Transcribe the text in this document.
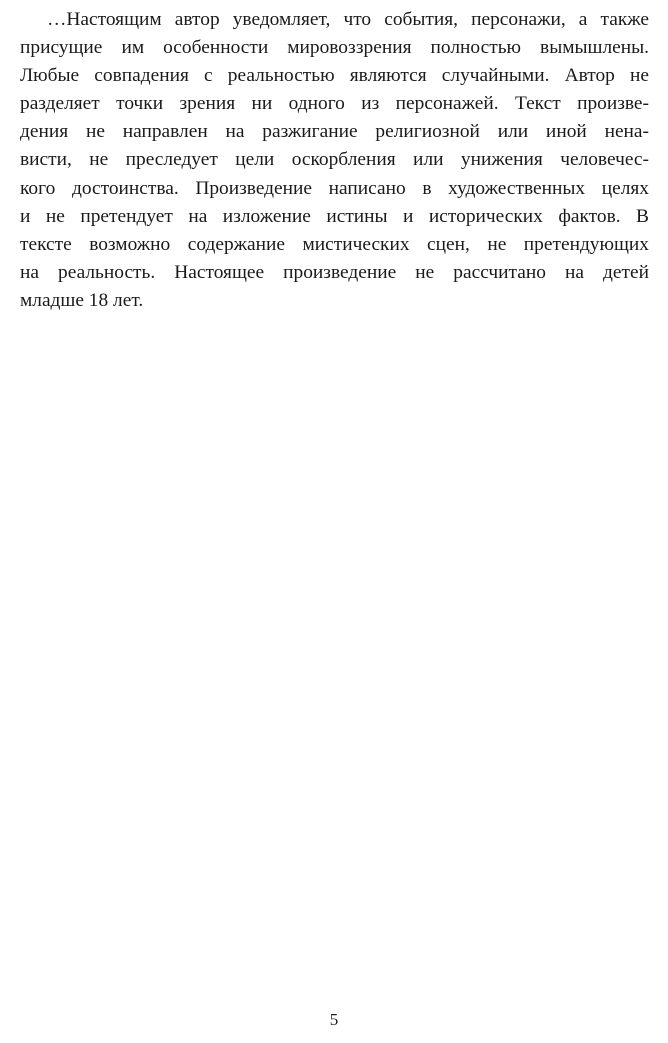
…Настоящим автор уведомляет, что события, персонажи, а также
присущие им особенности мировоззрения полностью вымышлены.
Любые совпадения с реальностью являются случайными. Автор не
разделяет точки зрения ни одного из персонажей. Текст произве-
дения не направлен на разжигание религиозной или иной нена-
висти, не преследует цели оскорбления или унижения человечес-
кого достоинства. Произведение написано в художественных целях
и не претендует на изложение истины и исторических фактов. В
тексте возможно содержание мистических сцен, не претендующих
на реальность. Настоящее произведение не рассчитано на детей
младше 18 лет.
5
